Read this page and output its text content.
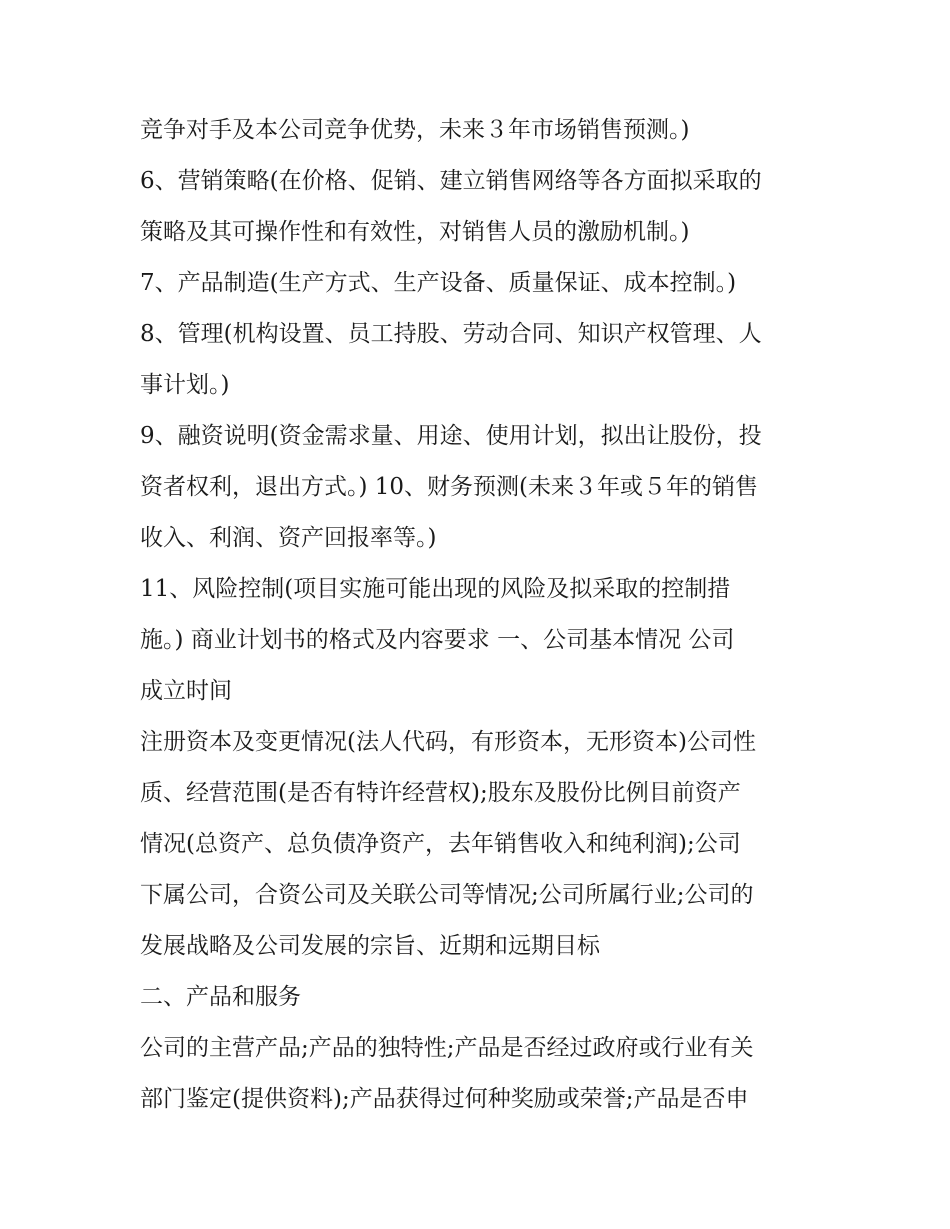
竞争对手及本公司竞争优势，未来３年市场销售预测。)
6、营销策略(在价格、促销、建立销售网络等各方面拟采取的
策略及其可操作性和有效性，对销售人员的激励机制。)
7、产品制造(生产方式、生产设备、质量保证、成本控制。)
8、管理(机构设置、员工持股、劳动合同、知识产权管理、人
事计划。)
9、融资说明(资金需求量、用途、使用计划，拟出让股份，投
资者权利，退出方式。) 10、财务预测(未来３年或５年的销售
收入、利润、资产回报率等。)
11、风险控制(项目实施可能出现的风险及拟采取的控制措
施。) 商业计划书的格式及内容要求 一、公司基本情况 公司
成立时间
注册资本及变更情况(法人代码，有形资本，无形资本)公司性
质、经营范围(是否有特许经营权);股东及股份比例目前资产
情况(总资产、总负债净资产，去年销售收入和纯利润);公司
下属公司，合资公司及关联公司等情况;公司所属行业;公司的
发展战略及公司发展的宗旨、近期和远期目标
二、产品和服务
公司的主营产品;产品的独特性;产品是否经过政府或行业有关
部门鉴定(提供资料);产品获得过何种奖励或荣誉;产品是否申
